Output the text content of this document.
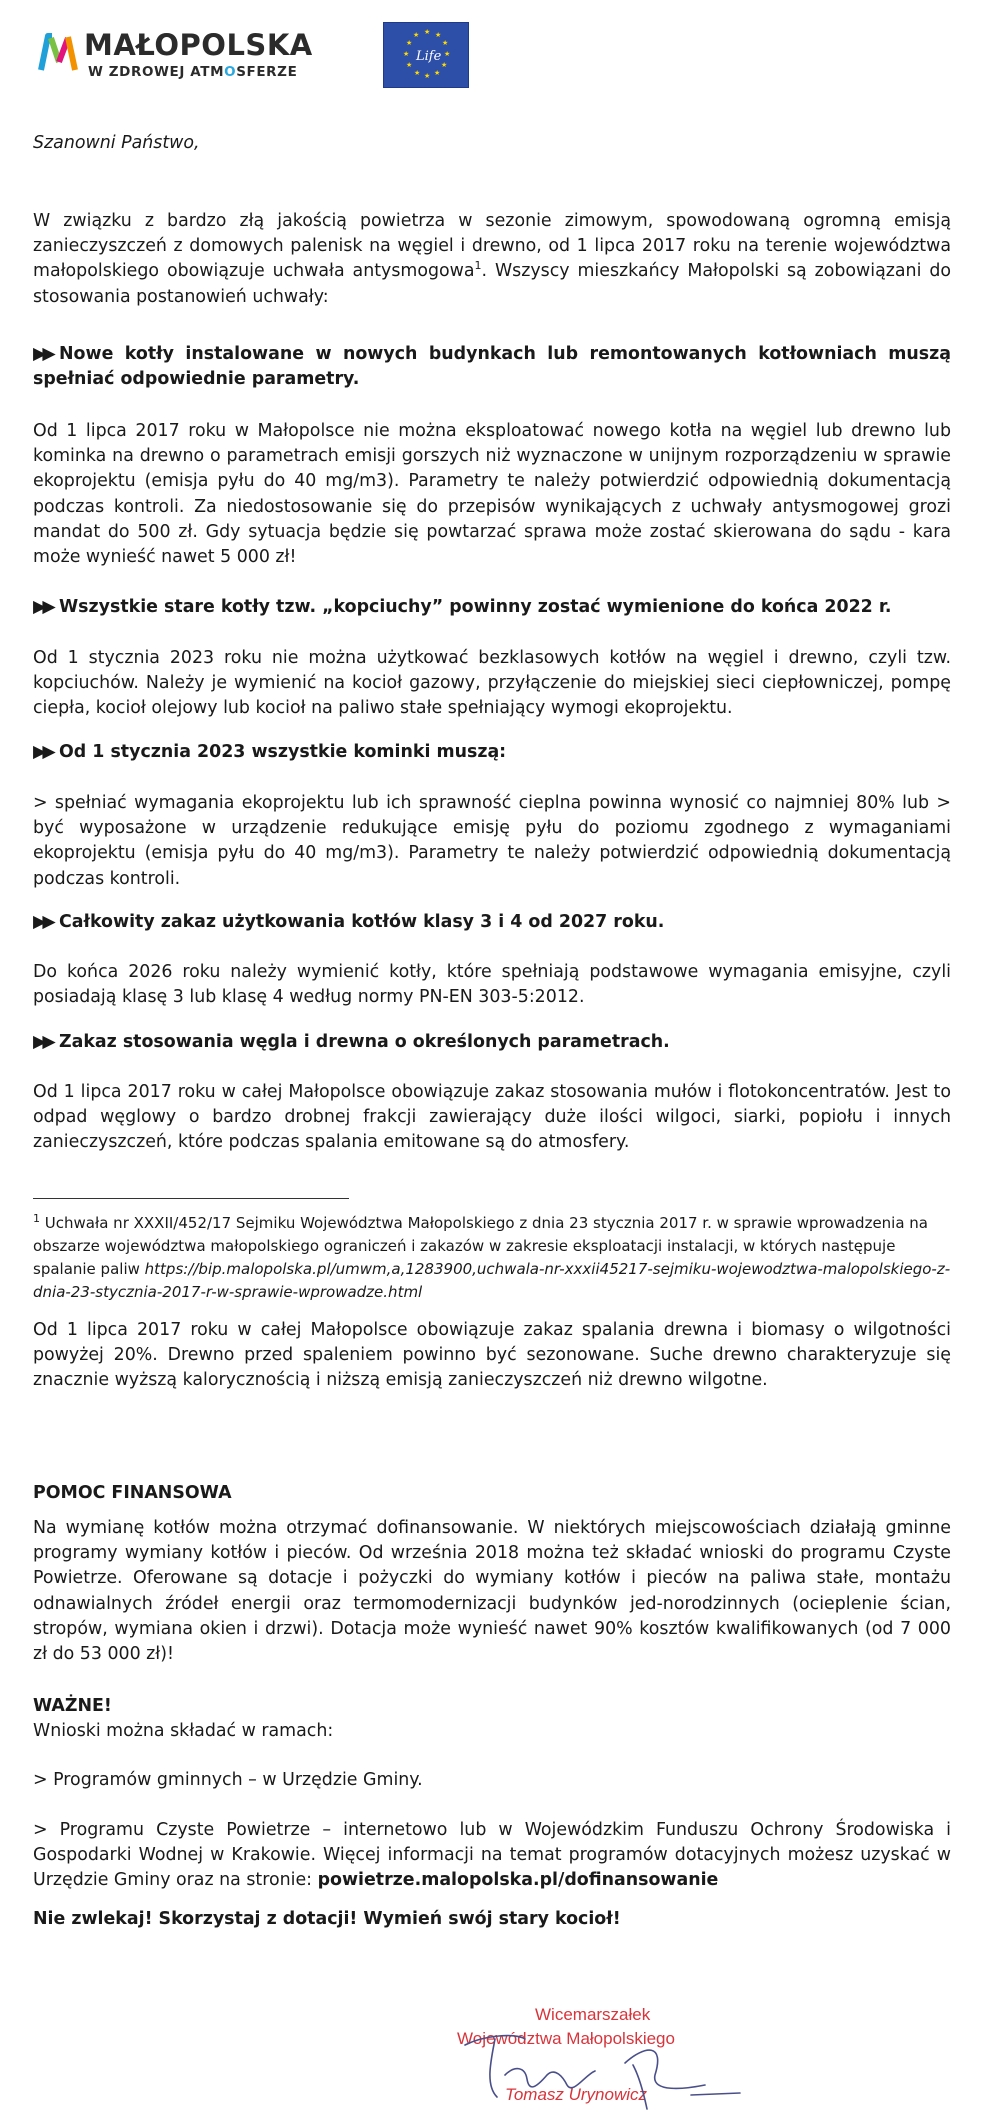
MAŁOPOLSKA
W ZDROWEJ ATMOSFERZE
★ ★
★
★
★
★
★
★
★
★
★
★
Life
Szanowni Państwo,
W związku z bardzo złą jakością powietrza w sezonie zimowym, spowodowaną ogromną emisją zanieczyszczeń z domowych palenisk na węgiel i drewno, od 1 lipca 2017 roku na terenie województwa małopolskiego obowiązuje uchwała antysmogowa$^1$. Wszyscy mieszkańcy Małopolski są zobowiązani do stosowania postanowień uchwały:
▶▶ Nowe kotły instalowane w nowych budynkach lub remontowanych kotłowniach muszą spełniać odpowiednie parametry.
Od 1 lipca 2017 roku w Małopolsce nie można eksploatować nowego kotła na węgiel lub drewno lub kominka na drewno o parametrach emisji gorszych niż wyznaczone w unijnym rozporządzeniu w sprawie ekoprojektu (emisja pyłu do 40 mg/m3). Parametry te należy potwierdzić odpowiednią dokumentacją podczas kontroli. Za niedostosowanie się do przepisów wynikających z uchwały antysmogowej grozi mandat do 500 zł. Gdy sytuacja będzie się powtarzać sprawa może zostać skierowana do sądu - kara może wynieść nawet 5 000 zł!
▶▶ Wszystkie stare kotły tzw. „kopciuchy” powinny zostać wymienione do końca 2022 r.
Od 1 stycznia 2023 roku nie można użytkować bezklasowych kotłów na węgiel i drewno, czyli tzw. kopciuchów. Należy je wymienić na kocioł gazowy, przyłączenie do miejskiej sieci ciepłowniczej, pompę ciepła, kocioł olejowy lub kocioł na paliwo stałe spełniający wymogi ekoprojektu.
▶▶ Od 1 stycznia 2023 wszystkie kominki muszą:
> spełniać wymagania ekoprojektu lub ich sprawność cieplna powinna wynosić co najmniej 80% lub > być wyposażone w urządzenie redukujące emisję pyłu do poziomu zgodnego z wymaganiami ekoprojektu (emisja pyłu do 40 mg/m3). Parametry te należy potwierdzić odpowiednią dokumentacją podczas kontroli.
▶▶ Całkowity zakaz użytkowania kotłów klasy 3 i 4 od 2027 roku.
Do końca 2026 roku należy wymienić kotły, które spełniają podstawowe wymagania emisyjne, czyli posiadają klasę 3 lub klasę 4 według normy PN-EN 303-5:2012.
▶▶ Zakaz stosowania węgla i drewna o określonych parametrach.
Od 1 lipca 2017 roku w całej Małopolsce obowiązuje zakaz stosowania mułów i flotokoncentratów. Jest to odpad węglowy o bardzo drobnej frakcji zawierający duże ilości wilgoci, siarki, popiołu i innych zanieczyszczeń, które podczas spalania emitowane są do atmosfery.
$^1$ Uchwała nr XXXII/452/17 Sejmiku Województwa Małopolskiego z dnia 23 stycznia 2017 r. w sprawie wprowadzenia na obszarze województwa małopolskiego ograniczeń i zakazów w zakresie eksploatacji instalacji, w których następuje spalanie paliw https://bip.malopolska.pl/umwm,a,1283900,uchwala-nr-xxxii45217-sejmiku-wojewodztwa-malopolskiego-z-dnia-23-stycznia-2017-r-w-sprawie-wprowadze.html
Od 1 lipca 2017 roku w całej Małopolsce obowiązuje zakaz spalania drewna i biomasy o wilgotności powyżej 20%. Drewno przed spaleniem powinno być sezonowane. Suche drewno charakteryzuje się znacznie wyższą kalorycznością i niższą emisją zanieczyszczeń niż drewno wilgotne.
POMOC FINANSOWA
Na wymianę kotłów można otrzymać dofinansowanie. W niektórych miejscowościach działają gminne programy wymiany kotłów i pieców. Od września 2018 można też składać wnioski do programu Czyste Powietrze. Oferowane są dotacje i pożyczki do wymiany kotłów i pieców na paliwa stałe, montażu odnawialnych źródeł energii oraz termomodernizacji budynków jed-norodzinnych (ocieplenie ścian, stropów, wymiana okien i drzwi). Dotacja może wynieść nawet 90% kosztów kwalifikowanych (od 7 000 zł do 53 000 zł)!
WAŻNE!
Wnioski można składać w ramach:
> Programów gminnych – w Urzędzie Gminy.
> Programu Czyste Powietrze – internetowo lub w Wojewódzkim Funduszu Ochrony Środowiska i Gospodarki Wodnej w Krakowie. Więcej informacji na temat programów dotacyjnych możesz uzyskać w Urzędzie Gminy oraz na stronie: powietrze.malopolska.pl/dofinansowanie
Nie zwlekaj! Skorzystaj z dotacji! Wymień swój stary kocioł!
Wicemarszałek
Województwa Małopolskiego
Tomasz Urynowicz
